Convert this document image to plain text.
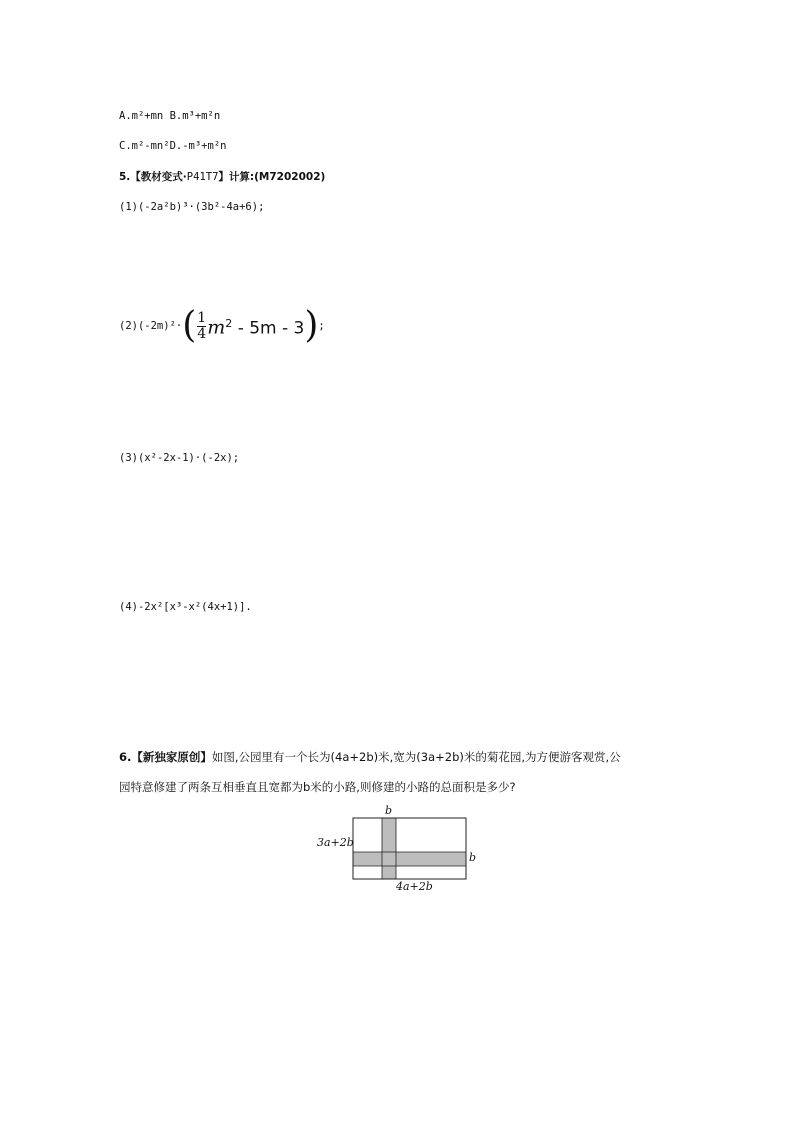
A.m²+mn B.m³+m²n
C.m²-mn²D.-m³+m²n
5.【教材变式·P41T7】计算:(M7202002)
(1)(-2a²b)³·(3b²-4a+6);
(2)(-2m)²· ( $\frac{1}{4} m^2 - 5m - 3$ ) ;
(3)(x²-2x-1)·(-2x);
(4)-2x²[x³-x²(4x+1)].
6.【新独家原创】如图,公园里有一个长为(4a+2b)米,宽为(3a+2b)米的菊花园,为方便游客观赏,公
园特意修建了两条互相垂直且宽都为b米的小路,则修建的小路的总面积是多少?
b
3a+2b
b
4a+2b
